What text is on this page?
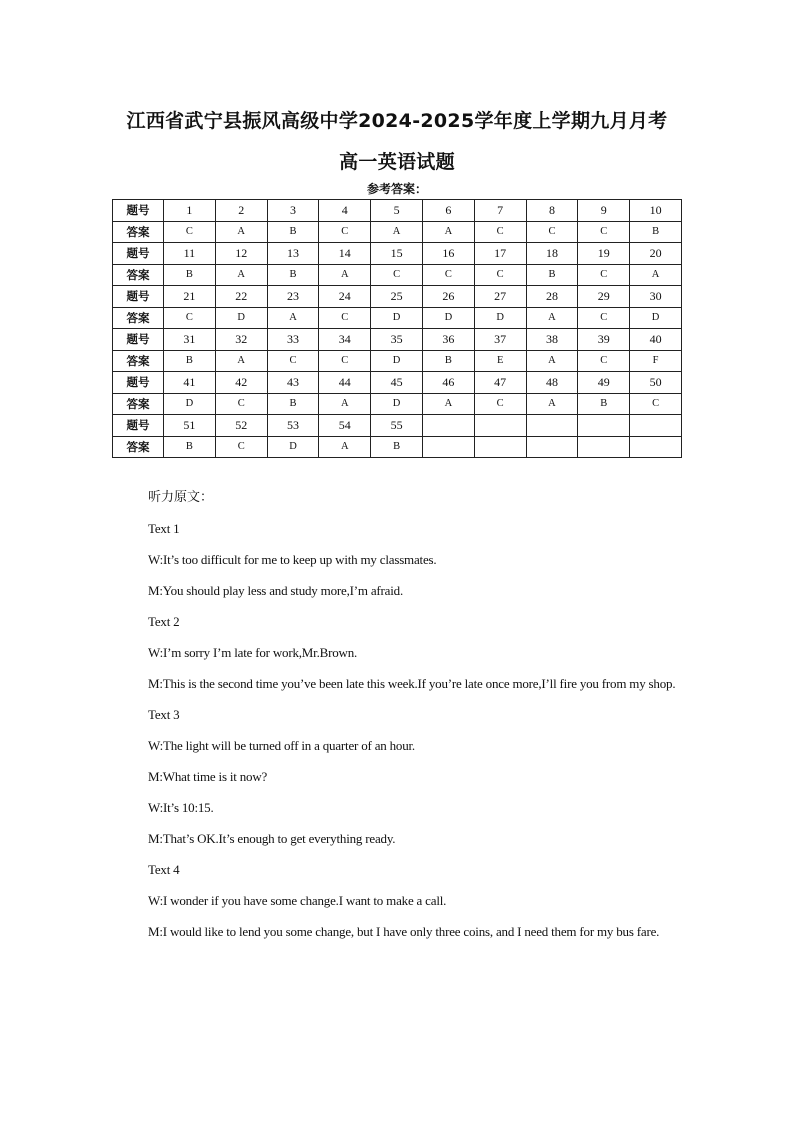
江西省武宁县振风高级中学2024-2025学年度上学期九月月考
高一英语试题
参考答案：
题号	1	2	3	4	5	6	7	8	9	10
答案	C	A	B	C	A	A	C	C	C	B
题号	11	12	13	14	15	16	17	18	19	20
答案	B	A	B	A	C	C	C	B	C	A
题号	21	22	23	24	25	26	27	28	29	30
答案	C	D	A	C	D	D	D	A	C	D
题号	31	32	33	34	35	36	37	38	39	40
答案	B	A	C	C	D	B	E	A	C	F
题号	41	42	43	44	45	46	47	48	49	50
答案	D	C	B	A	D	A	C	A	B	C
题号	51	52	53	54	55					
答案	B	C	D	A	B					

听力原文：

Text 1

W:It’s too difficult for me to keep up with my classmates.

M:You should play less and study more,I’m afraid.

Text 2

W:I’m sorry I’m late for work,Mr.Brown.

M:This is the second time you’ve been late this week.If you’re late once more,I’ll fire you from my shop.

Text 3

W:The light will be turned off in a quarter of an hour.

M:What time is it now?

W:It’s 10:15.

M:That’s OK.It’s enough to get everything ready.

Text 4

W:I wonder if you have some change.I want to make a call.

M:I would like to lend you some change, but I have only three coins, and I need them for my bus fare.
